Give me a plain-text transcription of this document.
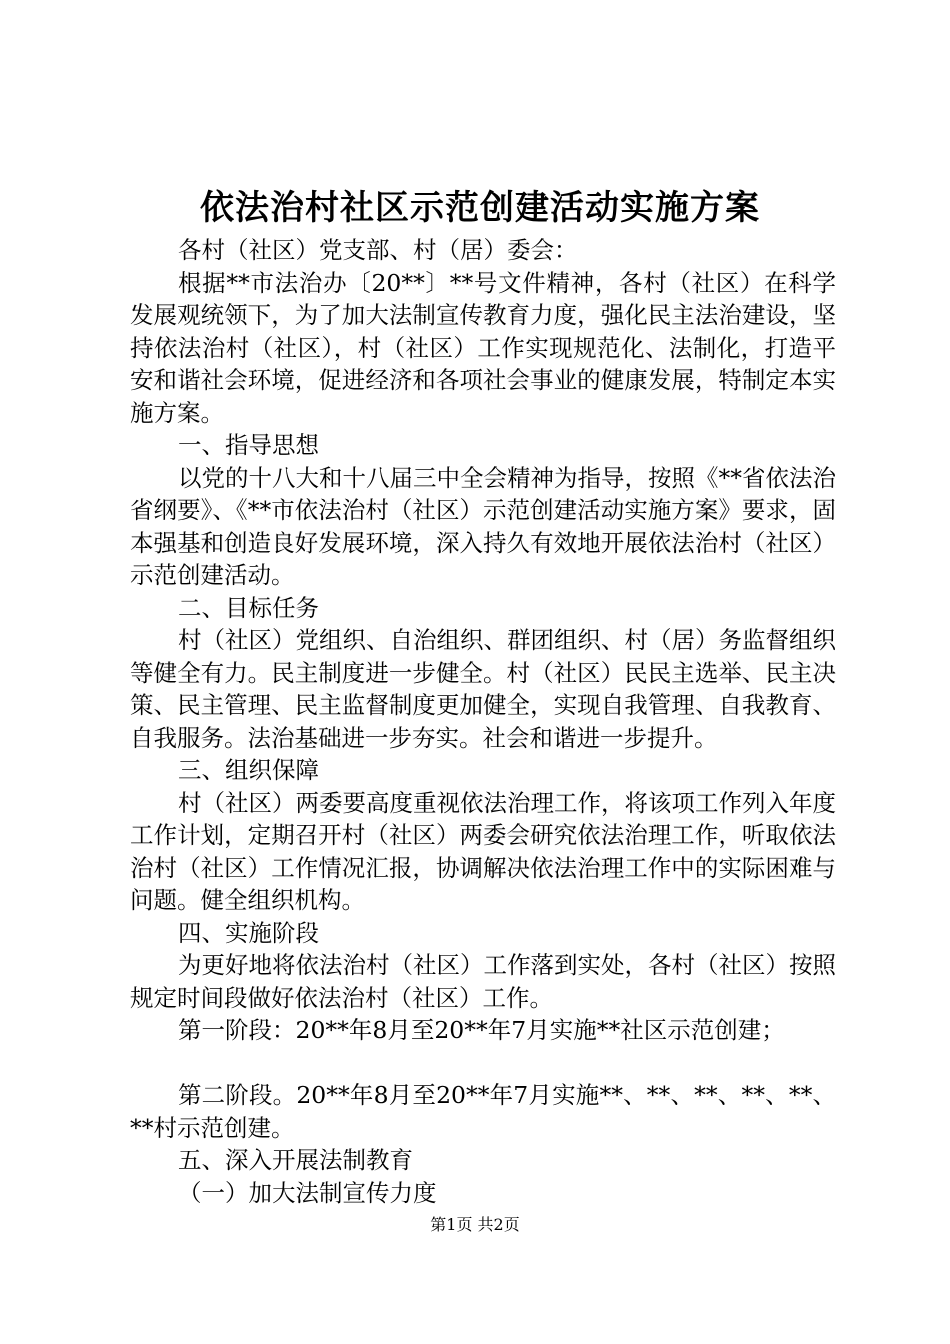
依法治村社区示范创建活动实施方案

各村（社区）党支部、村（居）委会：

根据**市法治办〔20**〕**号文件精神，各村（社区）在科学发展观统领下，为了加大法制宣传教育力度，强化民主法治建设，坚持依法治村（社区），村（社区）工作实现规范化、法制化，打造平安和谐社会环境，促进经济和各项社会事业的健康发展，特制定本实施方案。

一、指导思想

以党的十八大和十八届三中全会精神为指导，按照《**省依法治省纲要》、《**市依法治村（社区）示范创建活动实施方案》要求，固本强基和创造良好发展环境，深入持久有效地开展依法治村（社区）示范创建活动。

二、目标任务

村（社区）党组织、自治组织、群团组织、村（居）务监督组织等健全有力。民主制度进一步健全。村（社区）民民主选举、民主决策、民主管理、民主监督制度更加健全，实现自我管理、自我教育、自我服务。法治基础进一步夯实。社会和谐进一步提升。

三、组织保障

村（社区）两委要高度重视依法治理工作，将该项工作列入年度工作计划，定期召开村（社区）两委会研究依法治理工作，听取依法治村（社区）工作情况汇报，协调解决依法治理工作中的实际困难与问题。健全组织机构。

四、实施阶段

为更好地将依法治村（社区）工作落到实处，各村（社区）按照规定时间段做好依法治村（社区）工作。

第一阶段：20**年8月至20**年7月实施**社区示范创建；

第二阶段。20**年8月至20**年7月实施**、**、**、**、**、**村示范创建。

五、深入开展法制教育

（一）加大法制宣传力度

第1页 共2页
